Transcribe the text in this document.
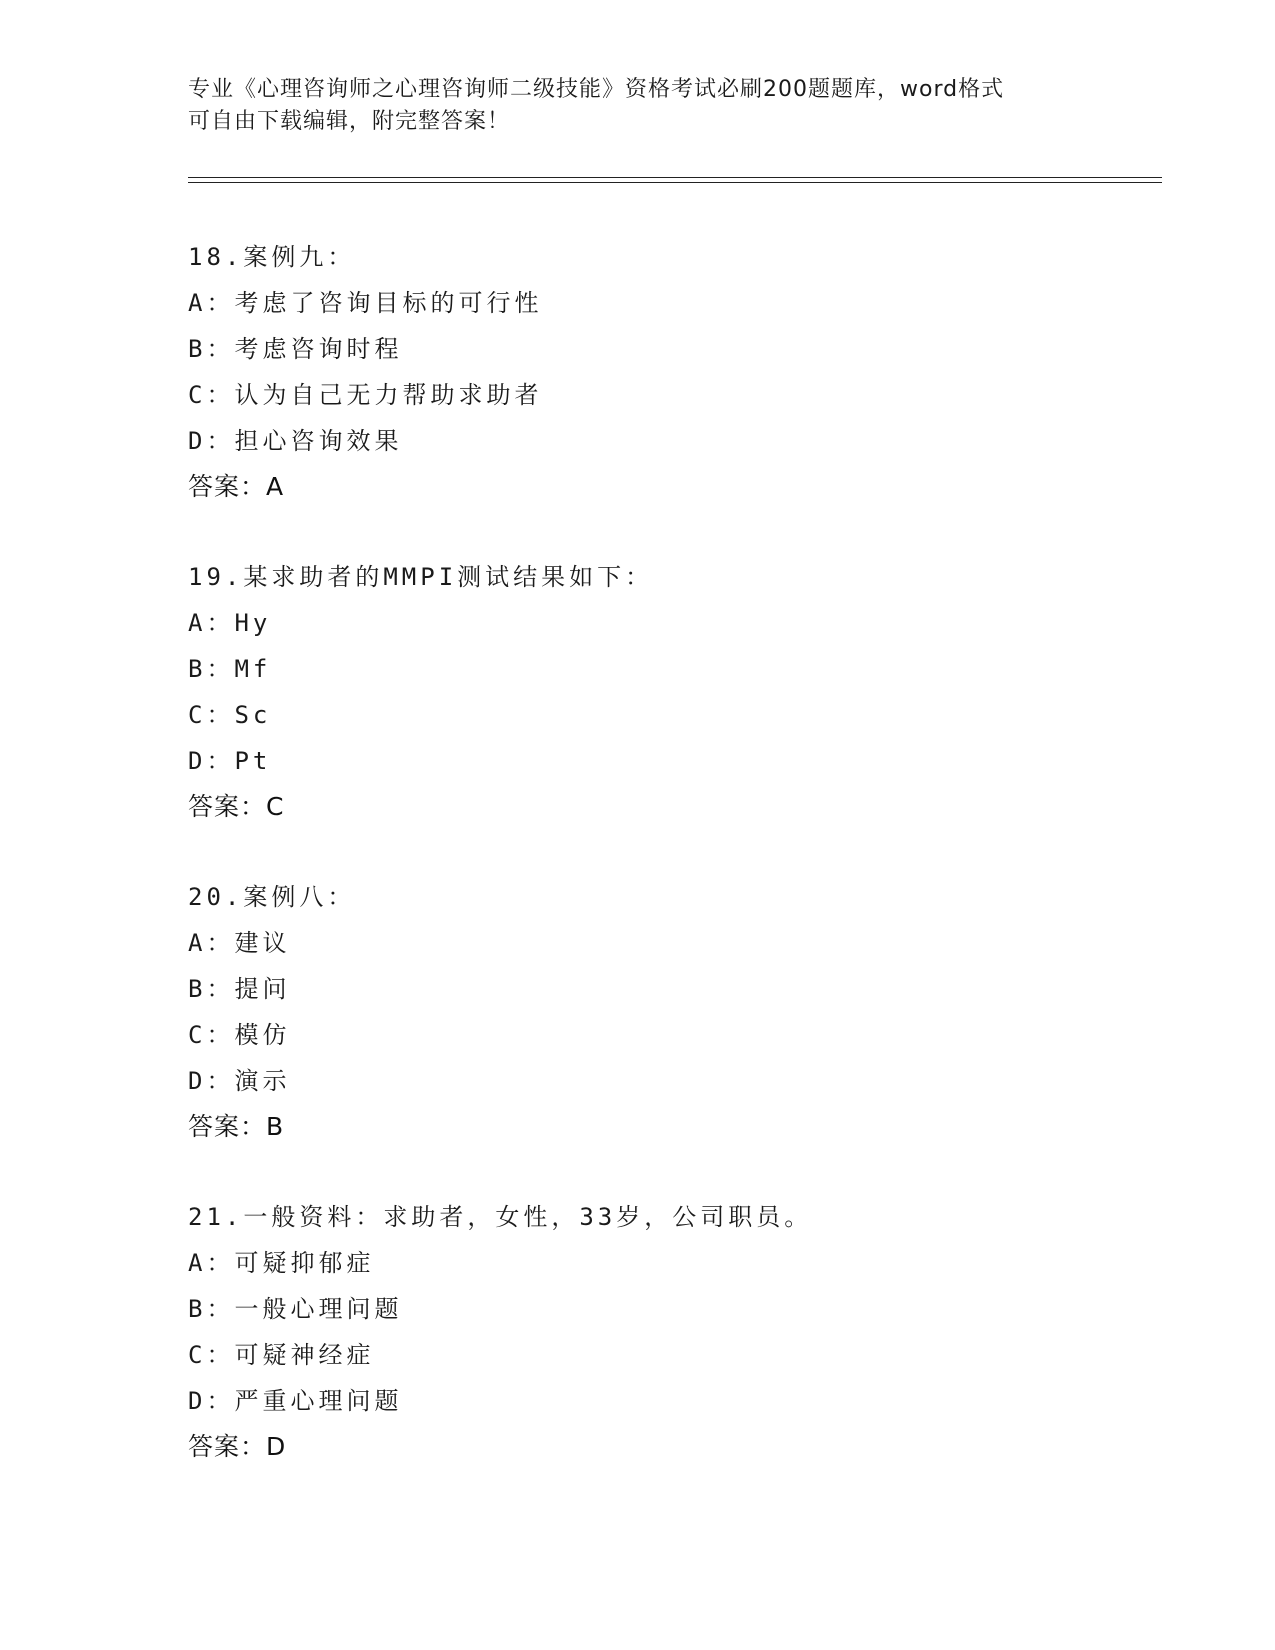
专业《心理咨询师之心理咨询师二级技能》资格考试必刷200题题库，word格式
可自由下载编辑，附完整答案！
18.案例九：
A：考虑了咨询目标的可行性
B：考虑咨询时程
C：认为自己无力帮助求助者
D：担心咨询效果
答案：A
19.某求助者的MMPI测试结果如下：
A：Hy
B：Mf
C：Sc
D：Pt
答案：C
20.案例八：
A：建议
B：提问
C：模仿
D：演示
答案：B
21.一般资料：求助者，女性，33岁，公司职员。
A：可疑抑郁症
B：一般心理问题
C：可疑神经症
D：严重心理问题
答案：D
